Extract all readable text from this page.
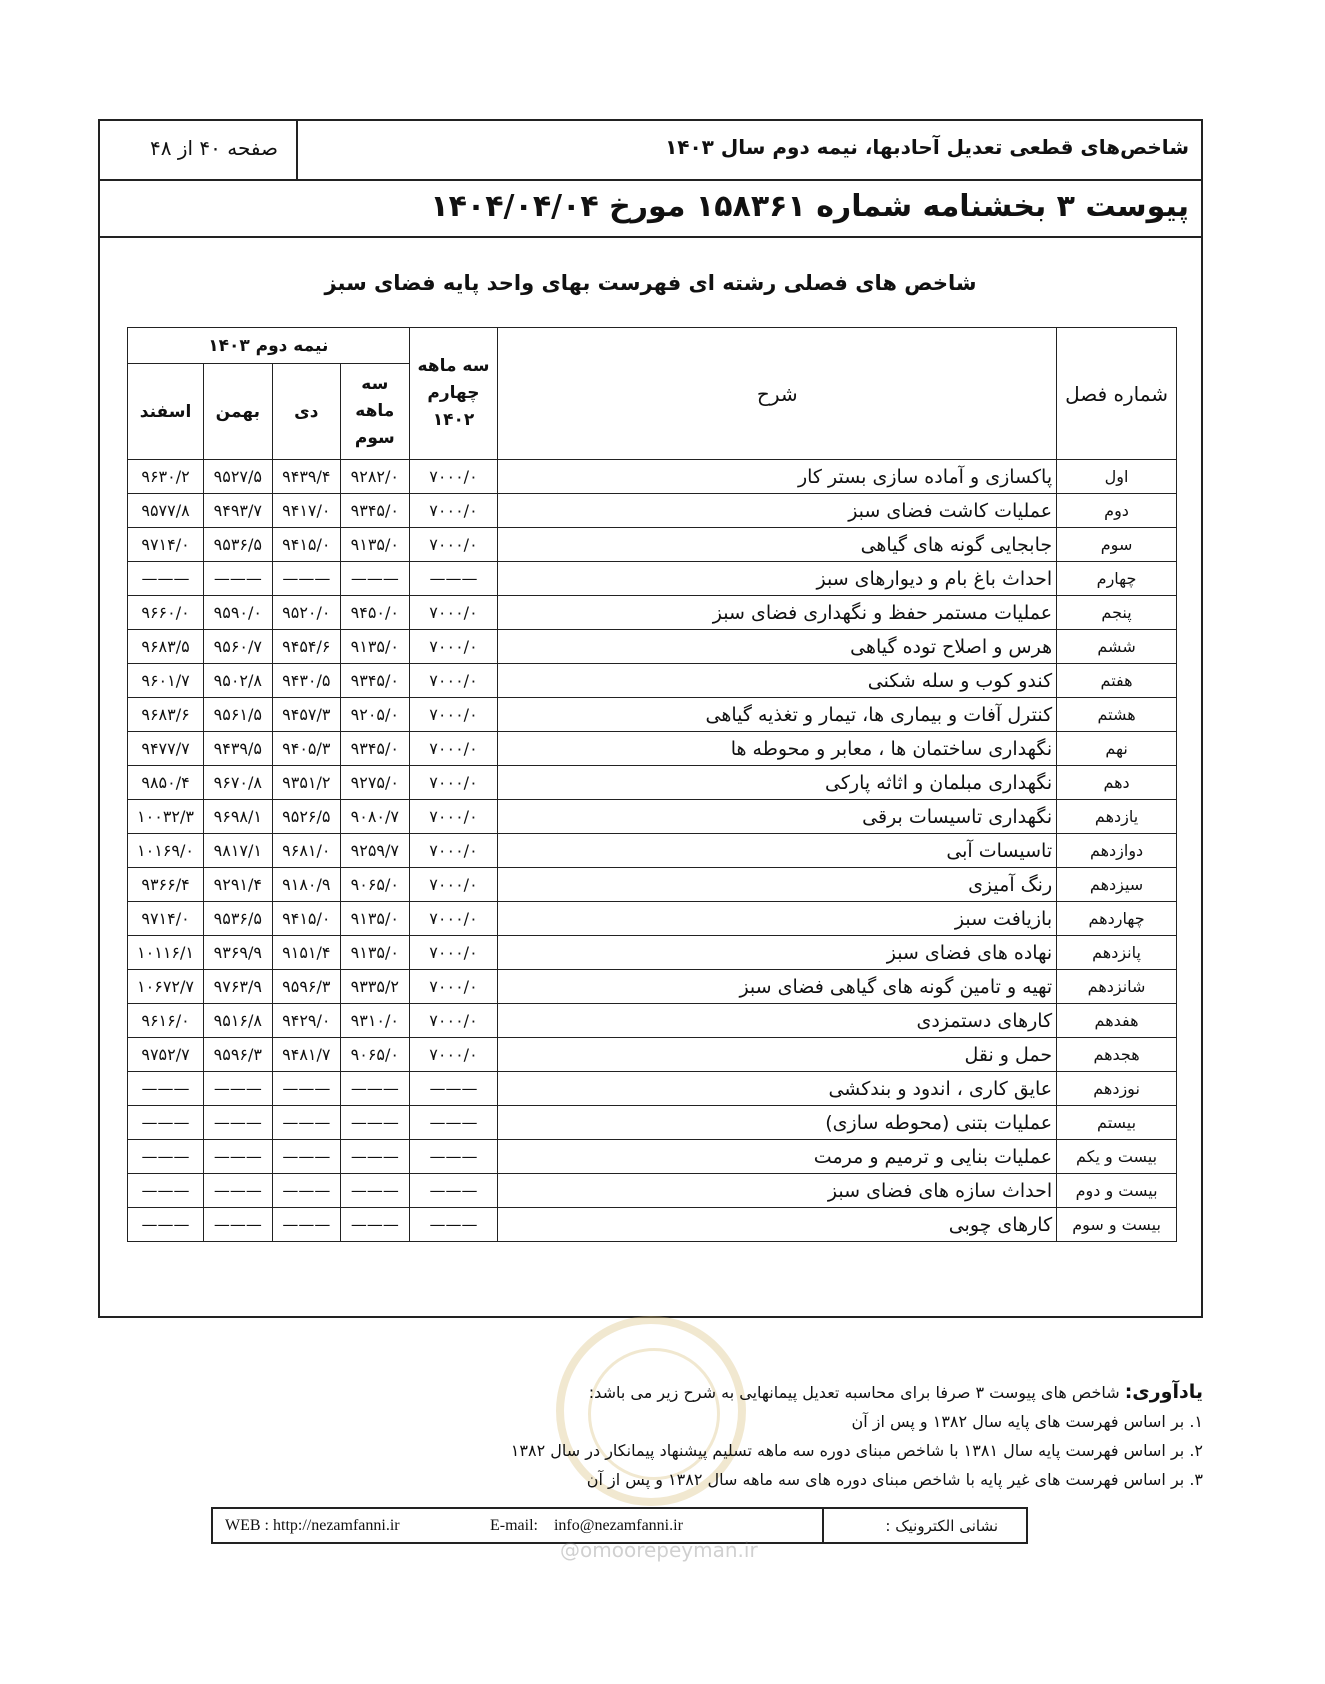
شاخص‌های قطعی تعدیل آحادبها، نیمه دوم سال ۱۴۰۳
صفحه ۴۰ از ۴۸
پیوست ۳ بخشنامه شماره ۱۵۸۳۶۱ مورخ ۱۴۰۴/۰۴/۰۴
شاخص های فصلی رشته ای فهرست بهای واحد پایه فضای سبز
شماره فصل	شرح	سه ماهه چهارم ۱۴۰۲	نیمه دوم ۱۴۰۳			
			سه ماهه سوم	دی	بهمن	اسفند
اول	پاکسازی و آماده سازی بستر کار	۷۰۰۰/۰	۹۲۸۲/۰	۹۴۳۹/۴	۹۵۲۷/۵	۹۶۳۰/۲
دوم	عملیات کاشت فضای سبز	۷۰۰۰/۰	۹۳۴۵/۰	۹۴۱۷/۰	۹۴۹۳/۷	۹۵۷۷/۸
سوم	جابجایی گونه های گیاهی	۷۰۰۰/۰	۹۱۳۵/۰	۹۴۱۵/۰	۹۵۳۶/۵	۹۷۱۴/۰
چهارم	احداث باغ بام و دیوارهای سبز	———	———	———	———	———
پنجم	عملیات مستمر حفظ و نگهداری فضای سبز	۷۰۰۰/۰	۹۴۵۰/۰	۹۵۲۰/۰	۹۵۹۰/۰	۹۶۶۰/۰
ششم	هرس و اصلاح توده گیاهی	۷۰۰۰/۰	۹۱۳۵/۰	۹۴۵۴/۶	۹۵۶۰/۷	۹۶۸۳/۵
هفتم	کندو کوب و سله شکنی	۷۰۰۰/۰	۹۳۴۵/۰	۹۴۳۰/۵	۹۵۰۲/۸	۹۶۰۱/۷
هشتم	کنترل آفات و بیماری ها، تیمار و تغذیه گیاهی	۷۰۰۰/۰	۹۲۰۵/۰	۹۴۵۷/۳	۹۵۶۱/۵	۹۶۸۳/۶
نهم	نگهداری ساختمان ها ، معابر و محوطه ها	۷۰۰۰/۰	۹۳۴۵/۰	۹۴۰۵/۳	۹۴۳۹/۵	۹۴۷۷/۷
دهم	نگهداری مبلمان و اثاثه پارکی	۷۰۰۰/۰	۹۲۷۵/۰	۹۳۵۱/۲	۹۶۷۰/۸	۹۸۵۰/۴
یازدهم	نگهداری تاسیسات برقی	۷۰۰۰/۰	۹۰۸۰/۷	۹۵۲۶/۵	۹۶۹۸/۱	۱۰۰۳۲/۳
دوازدهم	تاسیسات آبی	۷۰۰۰/۰	۹۲۵۹/۷	۹۶۸۱/۰	۹۸۱۷/۱	۱۰۱۶۹/۰
سیزدهم	رنگ آمیزی	۷۰۰۰/۰	۹۰۶۵/۰	۹۱۸۰/۹	۹۲۹۱/۴	۹۳۶۶/۴
چهاردهم	بازیافت سبز	۷۰۰۰/۰	۹۱۳۵/۰	۹۴۱۵/۰	۹۵۳۶/۵	۹۷۱۴/۰
پانزدهم	نهاده های فضای سبز	۷۰۰۰/۰	۹۱۳۵/۰	۹۱۵۱/۴	۹۳۶۹/۹	۱۰۱۱۶/۱
شانزدهم	تهیه و تامین گونه های گیاهی فضای سبز	۷۰۰۰/۰	۹۳۳۵/۲	۹۵۹۶/۳	۹۷۶۳/۹	۱۰۶۷۲/۷
هفدهم	کارهای دستمزدی	۷۰۰۰/۰	۹۳۱۰/۰	۹۴۲۹/۰	۹۵۱۶/۸	۹۶۱۶/۰
هجدهم	حمل و نقل	۷۰۰۰/۰	۹۰۶۵/۰	۹۴۸۱/۷	۹۵۹۶/۳	۹۷۵۲/۷
نوزدهم	عایق کاری ، اندود و بندکشی	———	———	———	———	———
بیستم	عملیات بتنی (محوطه سازی)	———	———	———	———	———
بیست و یکم	عملیات بنایی و ترمیم و مرمت	———	———	———	———	———
بیست و دوم	احداث سازه های فضای سبز	———	———	———	———	———
بیست و سوم	کارهای چوبی	———	———	———	———	———
یادآوری: شاخص های پیوست ۳ صرفا برای محاسبه تعدیل پیمانهایی به شرح زیر می باشد:
۱. بر اساس فهرست های پایه سال ۱۳۸۲ و پس از آن
۲. بر اساس فهرست پایه سال ۱۳۸۱ با شاخص مبنای دوره سه ماهه تسلیم پیشنهاد پیمانکار در سال ۱۳۸۲
۳. بر اساس فهرست های غیر پایه با شاخص مبنای دوره های سه ماهه سال ۱۳۸۲ و پس از آن
WEB : http://nezamfanni.ir	E-mail: info@nezamfanni.ir	نشانی الکترونیک :
@omoorepeyman.ir
